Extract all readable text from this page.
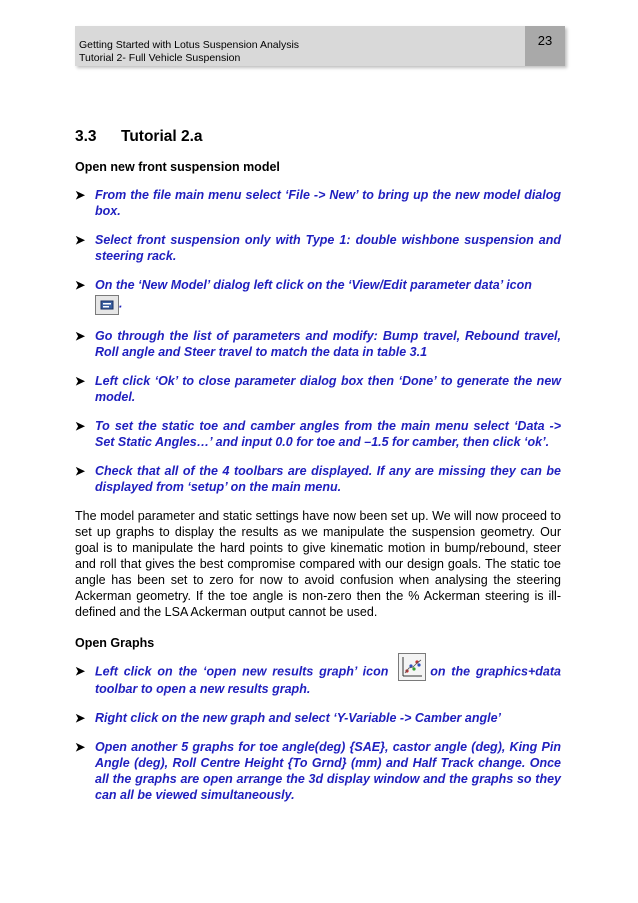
Getting Started with Lotus Suspension Analysis
Tutorial 2- Full Vehicle Suspension
23
3.3 Tutorial 2.a

Open new front suspension model

➤ From the file main menu select ‘File -> New’ to bring up the new model dialog box.
➤ Select front suspension only with Type 1: double wishbone suspension and steering rack.
➤ On the ‘New Model’ dialog left click on the ‘View/Edit parameter data’ icon
.
➤ Go through the list of parameters and modify: Bump travel, Rebound travel, Roll angle and Steer travel to match the data in table 3.1
➤ Left click ‘Ok’ to close parameter dialog box then ‘Done’ to generate the new model.
➤ To set the static toe and camber angles from the main menu select ‘Data -> Set Static Angles…’ and input 0.0 for toe and –1.5 for camber, then click ‘ok’.
➤ Check that all of the 4 toolbars are displayed. If any are missing they can be displayed from ‘setup’ on the main menu.

The model parameter and static settings have now been set up. We will now proceed to set up graphs to display the results as we manipulate the suspension geometry. Our goal is to manipulate the hard points to give kinematic motion in bump/rebound, steer and roll that gives the best compromise compared with our design goals. The static toe angle has been set to zero for now to avoid confusion when analysing the steering Ackerman geometry. If the toe angle is non-zero then the % Ackerman steering is ill-defined and the LSA Ackerman output cannot be used.

Open Graphs

➤ Left click on the ‘open new results graph’ icon	on the graphics+data toolbar to open a new results graph.
➤ Right click on the new graph and select ‘Y-Variable -> Camber angle’
➤ Open another 5 graphs for toe angle(deg) {SAE}, castor angle (deg), King Pin Angle (deg), Roll Centre Height {To Grnd} (mm) and Half Track change. Once all the graphs are open arrange the 3d display window and the graphs so they can all be viewed simultaneously.
